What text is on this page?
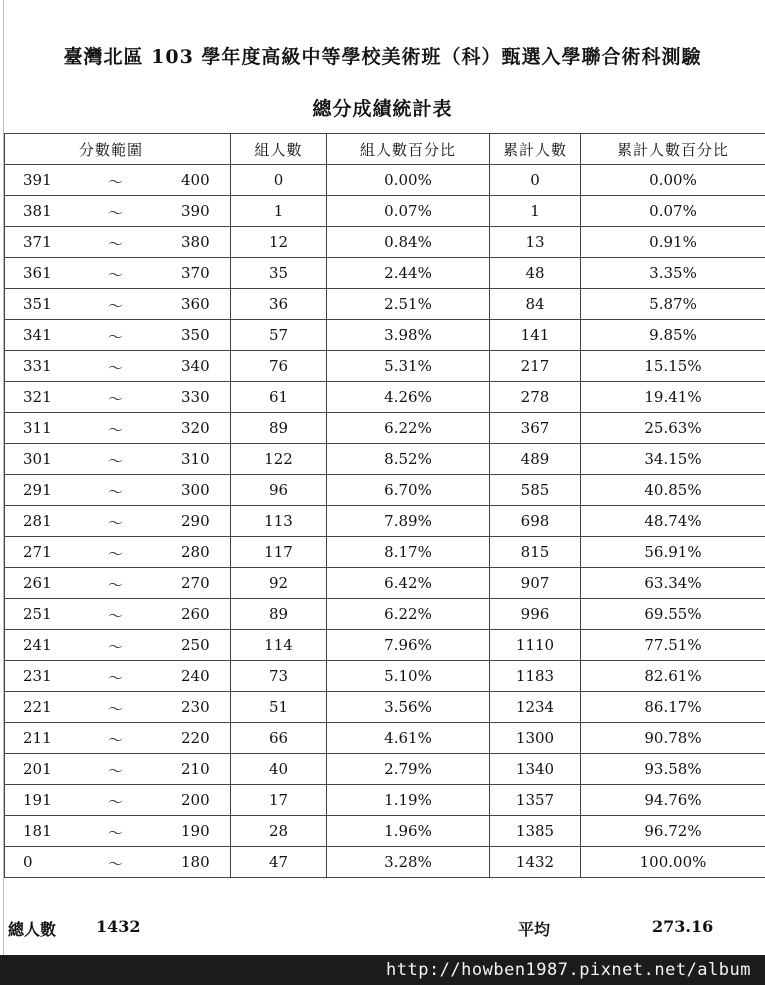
臺灣北區 103 學年度高級中等學校美術班（科）甄選入學聯合術科測驗
總分成績統計表
分數範圍	組人數	組人數百分比	累計人數	累計人數百分比

391 ～ 400	0	0.00%	0	0.00%

381 ～ 390	1	0.07%	1	0.07%

371 ～ 380	12	0.84%	13	0.91%

361 ～ 370	35	2.44%	48	3.35%

351 ～ 360	36	2.51%	84	5.87%

341 ～ 350	57	3.98%	141	9.85%

331 ～ 340	76	5.31%	217	15.15%

321 ～ 330	61	4.26%	278	19.41%

311 ～ 320	89	6.22%	367	25.63%

301 ～ 310	122	8.52%	489	34.15%

291 ～ 300	96	6.70%	585	40.85%

281 ～ 290	113	7.89%	698	48.74%

271 ～ 280	117	8.17%	815	56.91%

261 ～ 270	92	6.42%	907	63.34%

251 ～ 260	89	6.22%	996	69.55%

241 ～ 250	114	7.96%	1110	77.51%

231 ～ 240	73	5.10%	1183	82.61%

221 ～ 230	51	3.56%	1234	86.17%

211 ～ 220	66	4.61%	1300	90.78%

201 ～ 210	40	2.79%	1340	93.58%

191 ～ 200	17	1.19%	1357	94.76%

181 ～ 190	28	1.96%	1385	96.72%

0 ～ 180	47	3.28%	1432	100.00%
總人數 1432	平均	273.16
http://howben1987.pixnet.net/album
